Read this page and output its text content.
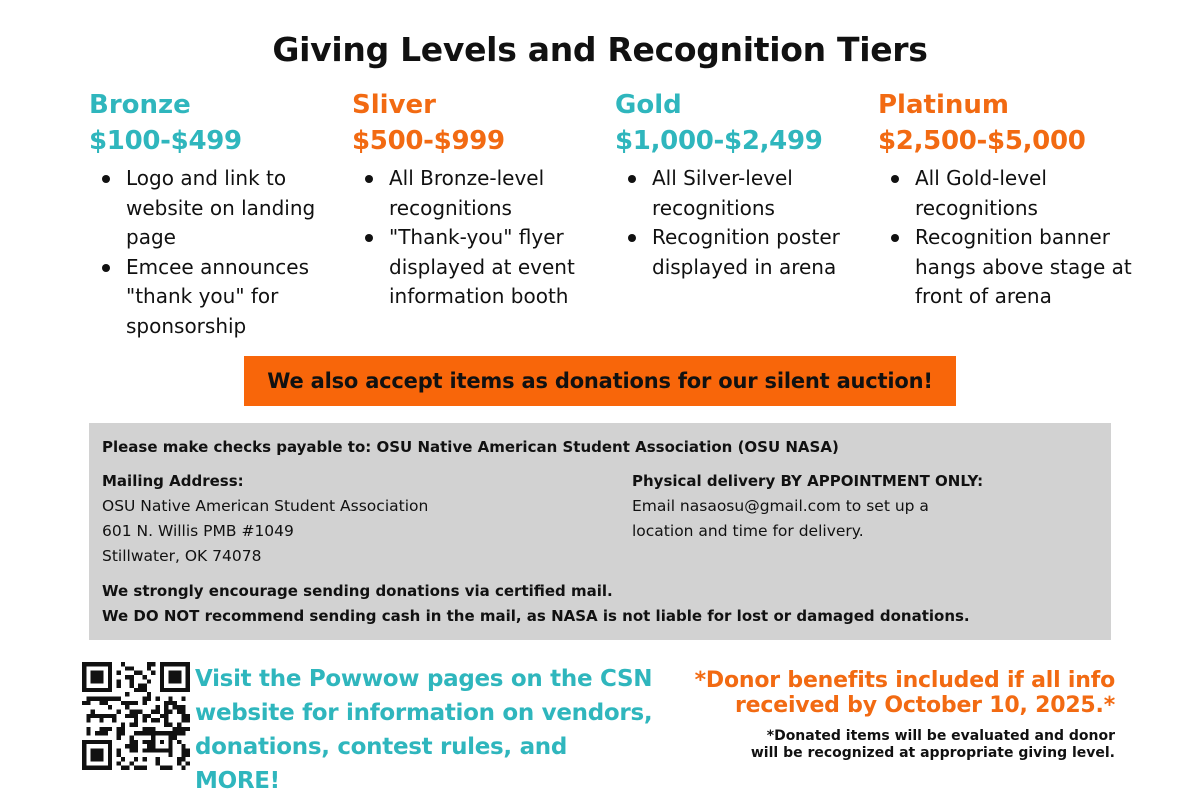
Giving Levels and Recognition Tiers
Bronze
$100-$499
Logo and link to website on landing page
Emcee announces "thank you" for sponsorship
Sliver
$500-$999
All Bronze-level recognitions
"Thank-you" flyer displayed at event information booth
Gold
$1,000-$2,499
All Silver-level recognitions
Recognition poster displayed in arena
Platinum
$2,500-$5,000
All Gold-level recognitions
Recognition banner hangs above stage at front of arena
We also accept items as donations for our silent auction!
Please make checks payable to: OSU Native American Student Association (OSU NASA)
Mailing Address:
OSU Native American Student Association
601 N. Willis PMB #1049
Stillwater, OK 74078
Physical delivery BY APPOINTMENT ONLY:
Email nasaosu@gmail.com to set up a
location and time for delivery.
We strongly encourage sending donations via certified mail.
We DO NOT recommend sending cash in the mail, as NASA is not liable for lost or damaged donations.
Visit the Powwow pages on the CSN
website for information on vendors,
donations, contest rules, and MORE!
*Donor benefits included if all info
received by October 10, 2025.*
*Donated items will be evaluated and donor
will be recognized at appropriate giving level.
